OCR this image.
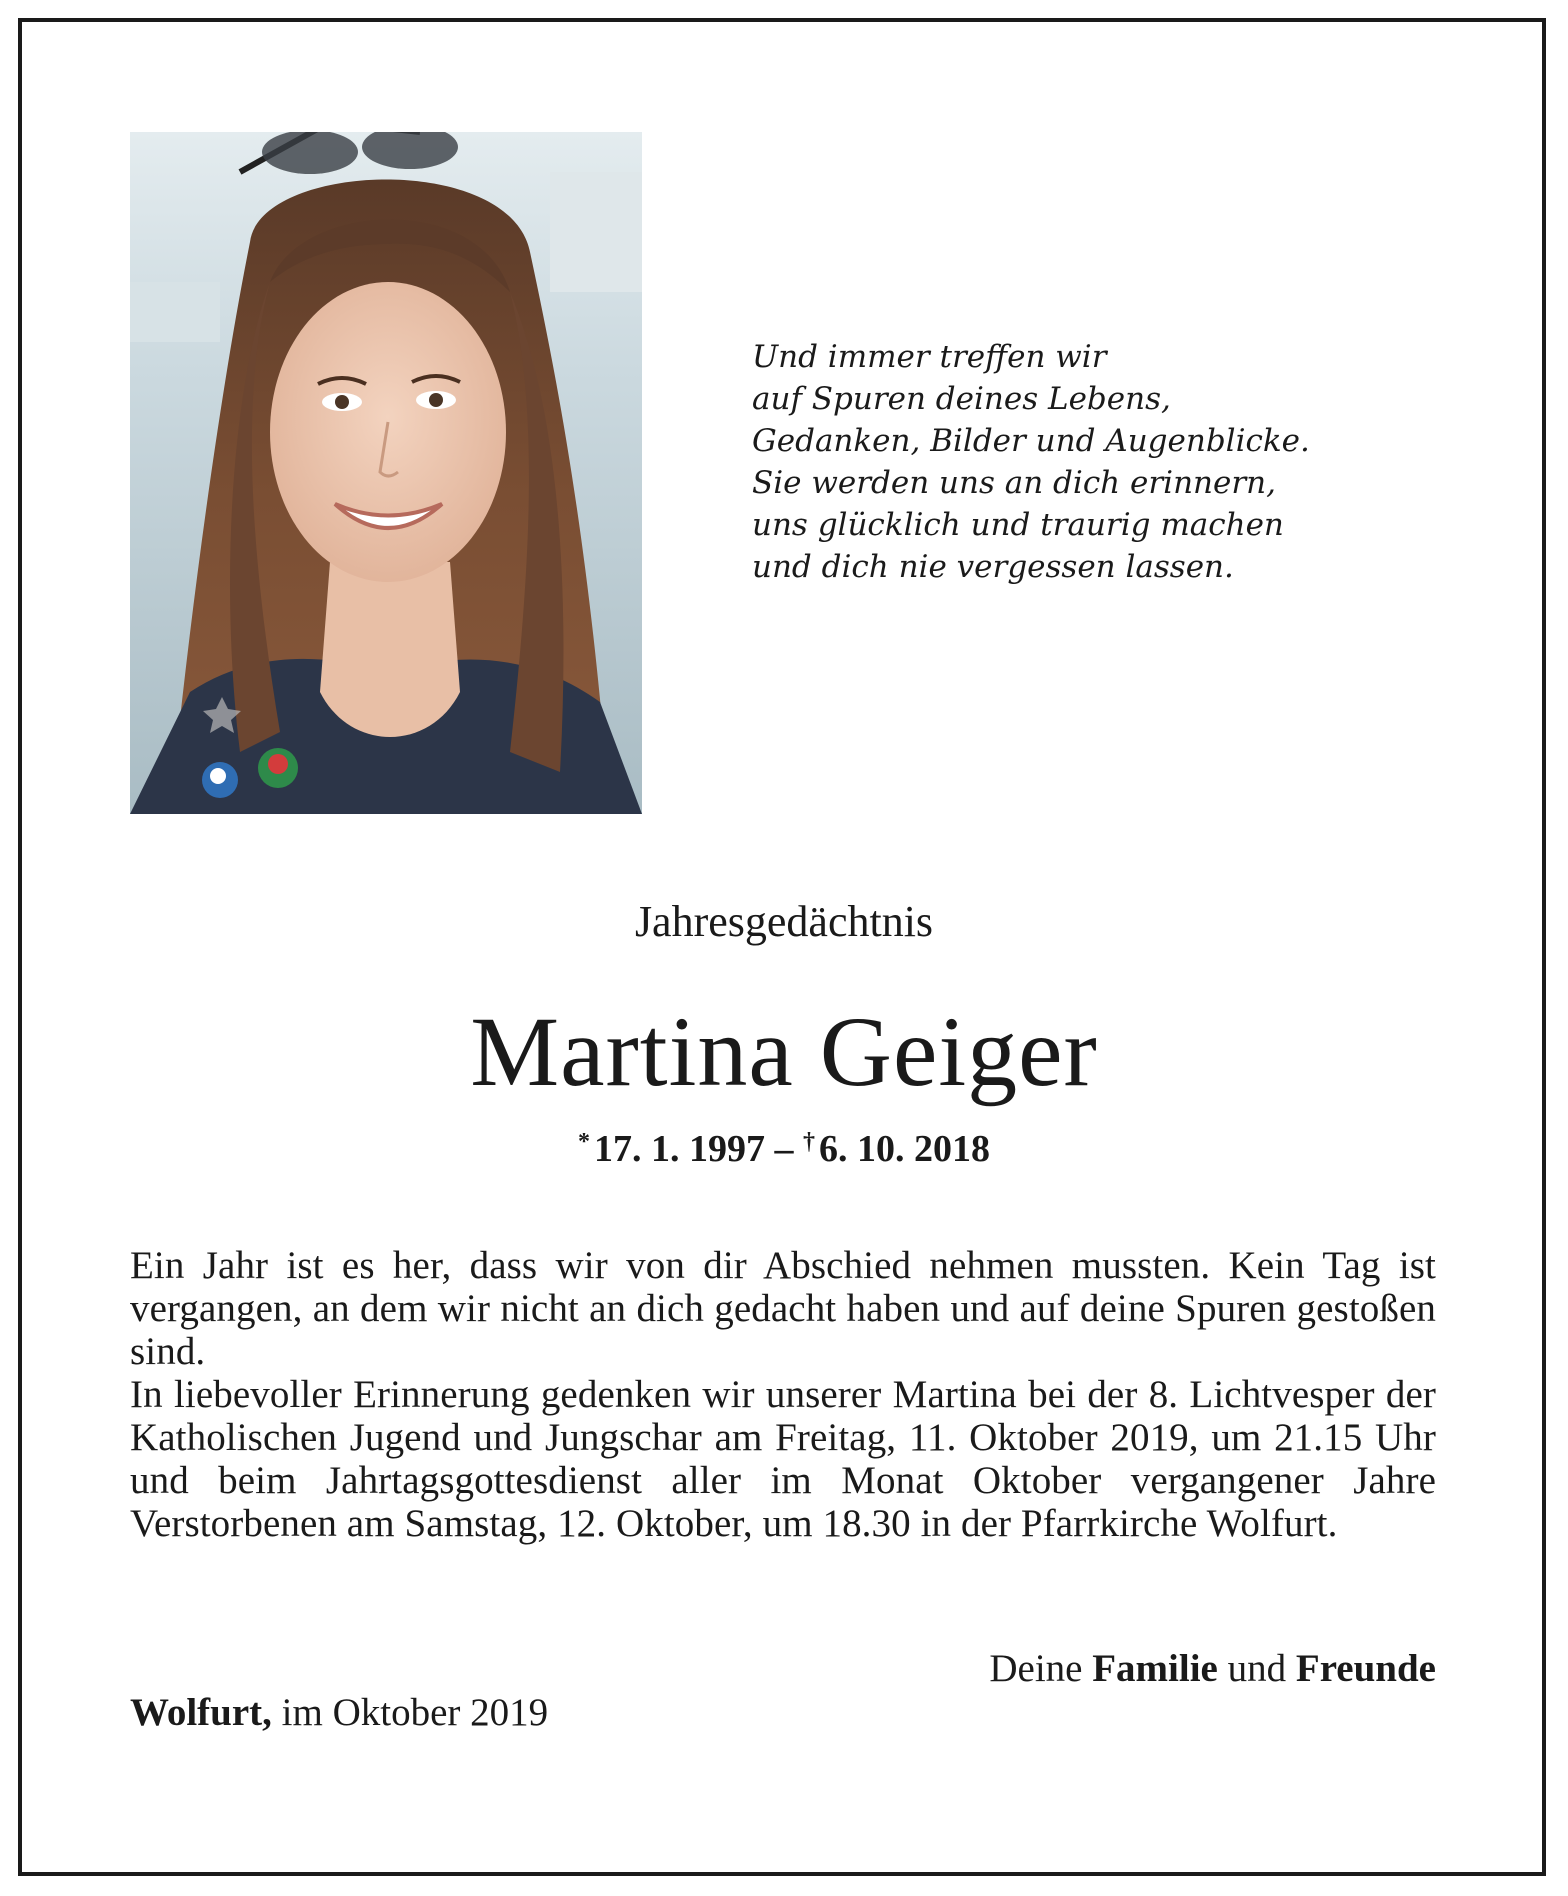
Und immer treffen wir
auf Spuren deines Lebens,
Gedanken, Bilder und Augenblicke.
Sie werden uns an dich erinnern,
uns glücklich und traurig machen
und dich nie vergessen lassen.
Jahresgedächtnis
Martina Geiger
* 17. 1. 1997 – † 6. 10. 2018

Ein Jahr ist es her, dass wir von dir Abschied nehmen mussten. Kein Tag ist vergangen, an dem wir nicht an dich gedacht haben und auf deine Spuren gestoßen sind.

In liebevoller Erinnerung gedenken wir unserer Martina bei der 8. Lichtvesper der Katholischen Jugend und Jungschar am Freitag, 11. Oktober 2019, um 21.15 Uhr und beim Jahrtagsgottesdienst aller im Monat Oktober vergangener Jahre Verstorbenen am Samstag, 12. Oktober, um 18.30 in der Pfarrkirche Wolfurt.

Deine Familie und Freunde
Wolfurt, im Oktober 2019
